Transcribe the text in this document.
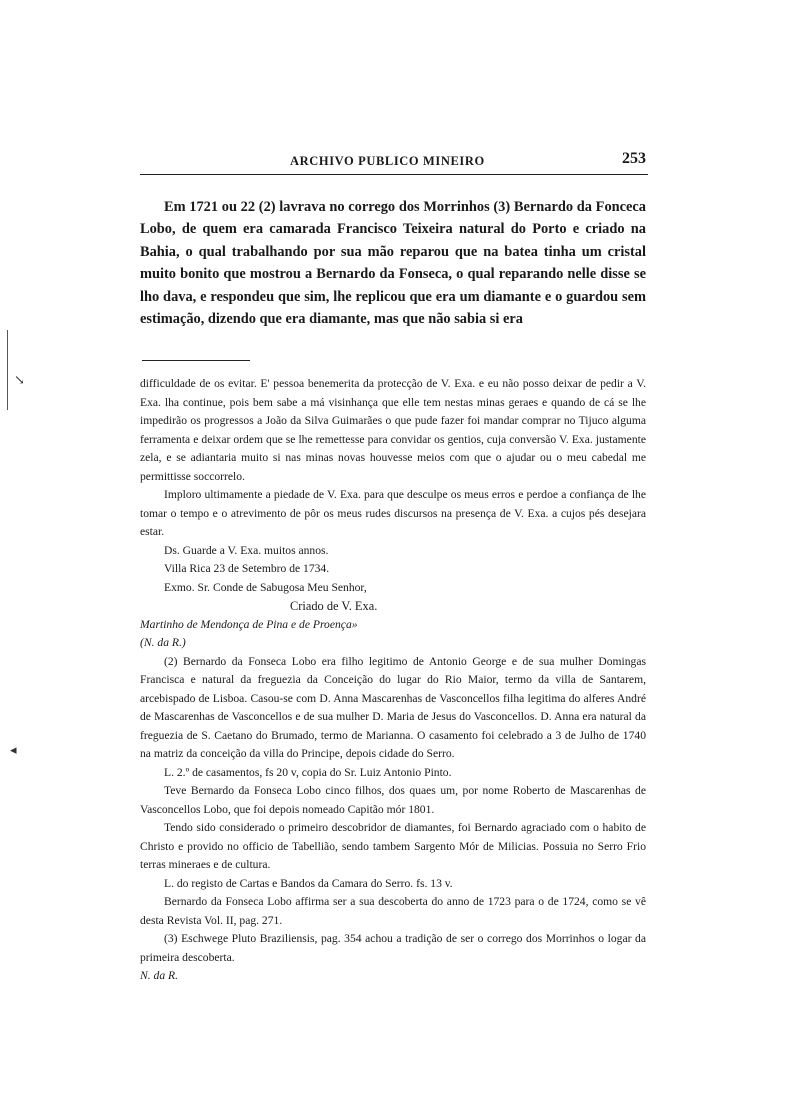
↘
◂
ARCHIVO PUBLICO MINEIRO	253
Em 1721 ou 22 (2) lavrava no corrego dos Morrinhos (3) Bernardo da Fonceca Lobo, de quem era camarada Francisco Teixeira natural do Porto e criado na Bahia, o qual trabalhando por sua mão reparou que na batea tinha um cristal muito bonito que mostrou a Bernardo da Fonseca, o qual reparando nelle disse se lho dava, e respondeu que sim, lhe replicou que era um diamante e o guardou sem estimação, dizendo que era diamante, mas que não sabia si era

difficuldade de os evitar. E' pessoa benemerita da protecção de V. Exa. e eu não posso deixar de pedir a V. Exa. lha continue, pois bem sabe a má visinhança que elle tem nestas minas geraes e quando de cá se lhe impedirão os progressos a João da Silva Guimarães o que pude fazer foi mandar comprar no Tijuco alguma ferramenta e deixar ordem que se lhe remettesse para convidar os gentios, cuja conversão V. Exa. justamente zela, e se adiantaria muito si nas minas novas houvesse meios com que o ajudar ou o meu cabedal me permittisse soccorrelo.

Imploro ultimamente a piedade de V. Exa. para que desculpe os meus erros e perdoe a confiança de lhe tomar o tempo e o atrevimento de pôr os meus rudes discursos na presença de V. Exa. a cujos pés desejara estar.

Ds. Guarde a V. Exa. muitos annos.

Villa Rica 23 de Setembro de 1734.

Exmo. Sr. Conde de Sabugosa Meu Senhor,

Criado de V. Exa.

Martinho de Mendonça de Pina e de Proença»

(N. da R.)

(2) Bernardo da Fonseca Lobo era filho legitimo de Antonio George e de sua mulher Domingas Francisca e natural da freguezia da Conceição do lugar do Rio Maior, termo da villa de Santarem, arcebispado de Lisboa. Casou-se com D. Anna Mascarenhas de Vasconcellos filha legitima do alferes André de Mascarenhas de Vasconcellos e de sua mulher D. Maria de Jesus do Vasconcellos. D. Anna era natural da freguezia de S. Caetano do Brumado, termo de Marianna. O casamento foi celebrado a 3 de Julho de 1740 na matriz da conceição da villa do Principe, depois cidade do Serro.

L. 2.º de casamentos, fs 20 v, copia do Sr. Luiz Antonio Pinto.

Teve Bernardo da Fonseca Lobo cinco filhos, dos quaes um, por nome Roberto de Mascarenhas de Vasconcellos Lobo, que foi depois nomeado Capitão mór 1801.

Tendo sido considerado o primeiro descobridor de diamantes, foi Bernardo agraciado com o habito de Christo e provido no officio de Tabellião, sendo tambem Sargento Mór de Milicias. Possuia no Serro Frio terras mineraes e de cultura.

L. do registo de Cartas e Bandos da Camara do Serro. fs. 13 v.

Bernardo da Fonseca Lobo affirma ser a sua descoberta do anno de 1723 para o de 1724, como se vê desta Revista Vol. II, pag. 271.

(3) Eschwege Pluto Braziliensis, pag. 354 achou a tradição de ser o corrego dos Morrinhos o logar da primeira descoberta.

N. da R.
